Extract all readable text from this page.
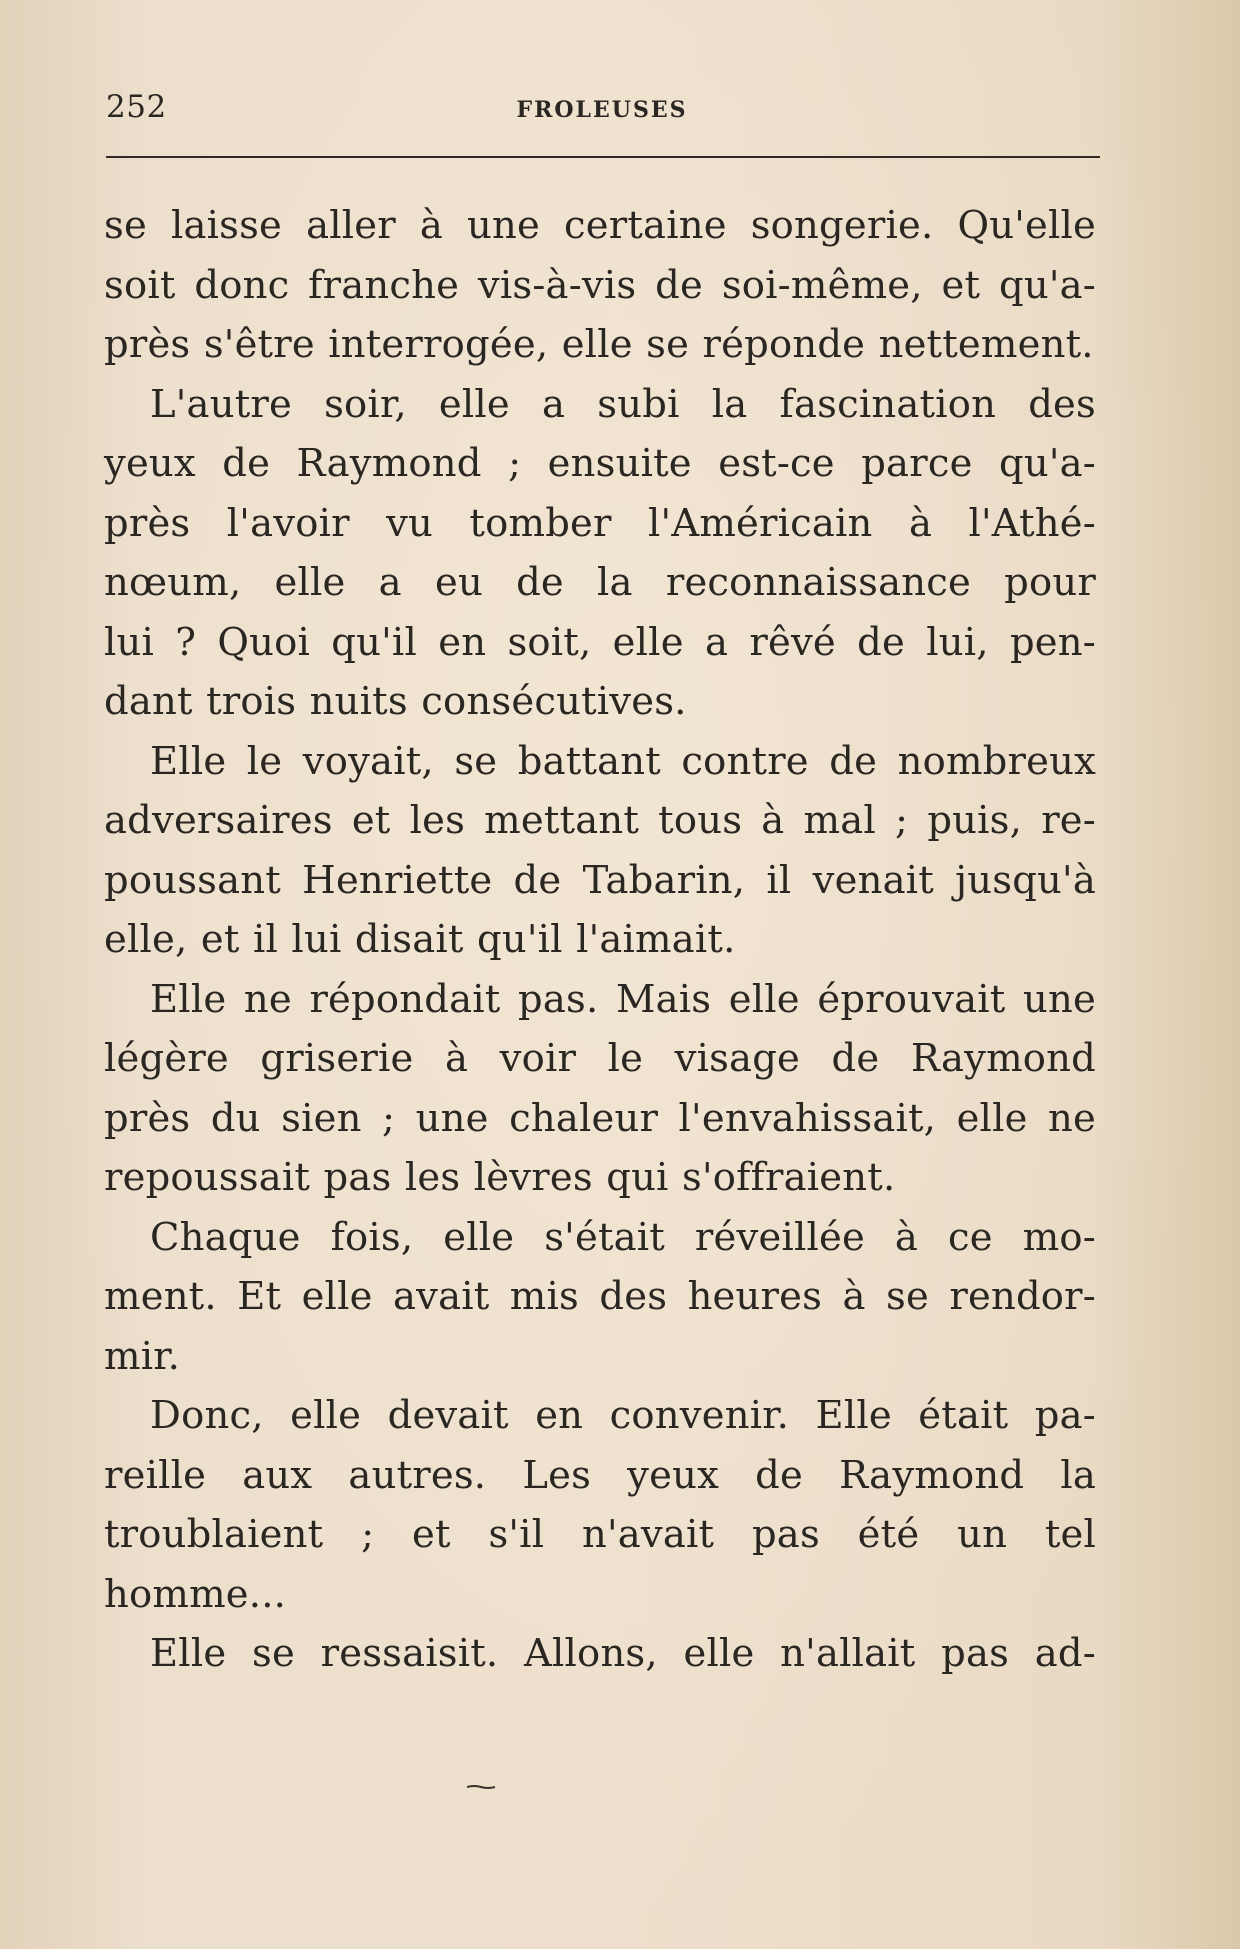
252	FROLEUSES

se laisse aller à une certaine songerie. Qu'elle

soit donc franche vis-à-vis de soi-même, et qu'a-

près s'être interrogée, elle se réponde nettement.

L'autre soir, elle a subi la fascination des

yeux de Raymond ; ensuite est-ce parce qu'a-

près l'avoir vu tomber l'Américain à l'Athé-

nœum, elle a eu de la reconnaissance pour

lui ? Quoi qu'il en soit, elle a rêvé de lui, pen-

dant trois nuits consécutives.

Elle le voyait, se battant contre de nombreux

adversaires et les mettant tous à mal ; puis, re-

poussant Henriette de Tabarin, il venait jusqu'à

elle, et il lui disait qu'il l'aimait.

Elle ne répondait pas. Mais elle éprouvait une

légère griserie à voir le visage de Raymond

près du sien ; une chaleur l'envahissait, elle ne

repoussait pas les lèvres qui s'offraient.

Chaque fois, elle s'était réveillée à ce mo-

ment. Et elle avait mis des heures à se rendor-

mir.

Donc, elle devait en convenir. Elle était pa-

reille aux autres. Les yeux de Raymond la

troublaient ; et s'il n'avait pas été un tel

homme...

Elle se ressaisit. Allons, elle n'allait pas ad-
